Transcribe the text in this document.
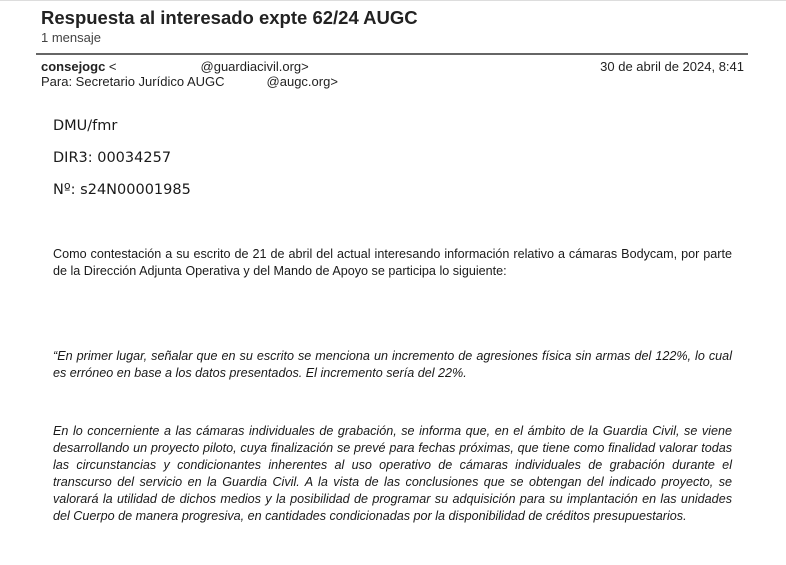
Respuesta al interesado expte 62/24 AUGC
1 mensaje
consejogc <	@guardiacivil.org>	30 de abril de 2024, 8:41
Para: Secretario Jurídico AUGC	@augc.org>
DMU/fmr
DIR3: 00034257
Nº: s24N00001985
Como contestación a su escrito de 21 de abril del actual interesando información relativo a cámaras Bodycam, por parte de la Dirección Adjunta Operativa y del Mando de Apoyo se participa lo siguiente:
“En primer lugar, señalar que en su escrito se menciona un incremento de agresiones física sin armas del 122%, lo cual es erróneo en base a los datos presentados. El incremento sería del 22%.
En lo concerniente a las cámaras individuales de grabación, se informa que, en el ámbito de la Guardia Civil, se viene desarrollando un proyecto piloto, cuya finalización se prevé para fechas próximas, que tiene como finalidad valorar todas las circunstancias y condicionantes inherentes al uso operativo de cámaras individuales de grabación durante el transcurso del servicio en la Guardia Civil. A la vista de las conclusiones que se obtengan del indicado proyecto, se valorará la utilidad de dichos medios y la posibilidad de programar su adquisición para su implantación en las unidades del Cuerpo de manera progresiva, en cantidades condicionadas por la disponibilidad de créditos presupuestarios.
